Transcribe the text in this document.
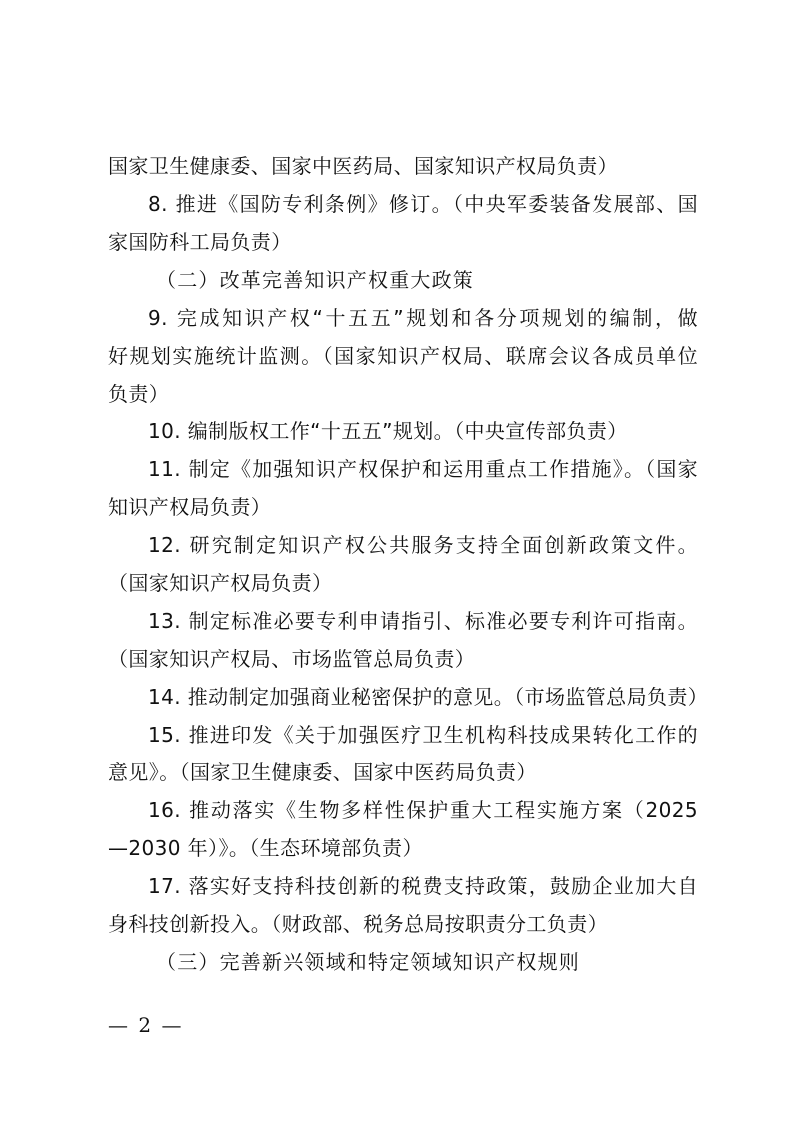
国家卫生健康委、国家中医药局、国家知识产权局负责）
8. 推进《国防专利条例》修订。（中央军委装备发展部、国
家国防科工局负责）
（二）改革完善知识产权重大政策
9. 完成知识产权“十五五”规划和各分项规划的编制，做
好规划实施统计监测。（国家知识产权局、联席会议各成员单位
负责）
10. 编制版权工作“十五五”规划。（中央宣传部负责）
11. 制定《加强知识产权保护和运用重点工作措施》。（国家
知识产权局负责）
12. 研究制定知识产权公共服务支持全面创新政策文件。
（国家知识产权局负责）
13. 制定标准必要专利申请指引、标准必要专利许可指南。
（国家知识产权局、市场监管总局负责）
14. 推动制定加强商业秘密保护的意见。（市场监管总局负责）
15. 推进印发《关于加强医疗卫生机构科技成果转化工作的
意见》。（国家卫生健康委、国家中医药局负责）
16. 推动落实《生物多样性保护重大工程实施方案（2025
—2030 年）》。（生态环境部负责）
17. 落实好支持科技创新的税费支持政策，鼓励企业加大自
身科技创新投入。（财政部、税务总局按职责分工负责）
（三）完善新兴领域和特定领域知识产权规则
— 2 —
